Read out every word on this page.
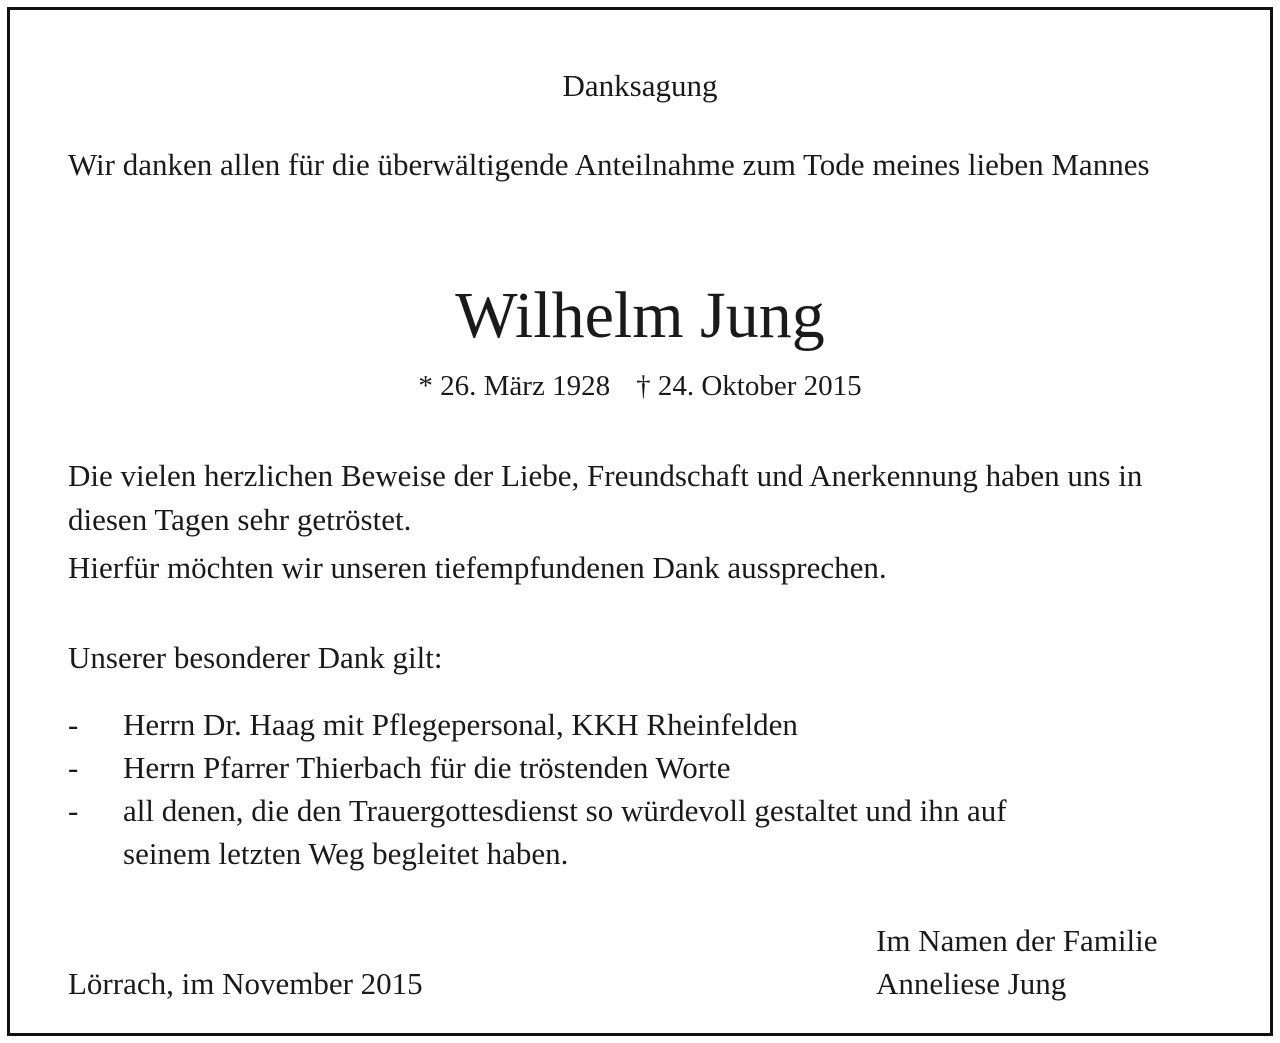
Danksagung

Wir danken allen für die überwältigende Anteilnahme zum Tode meines lieben Mannes

Wilhelm Jung

* 26. März 1928 † 24. Oktober 2015

Die vielen herzlichen Beweise der Liebe, Freundschaft und Anerkennung haben uns in diesen Tagen sehr getröstet.

Hierfür möchten wir unseren tiefempfundenen Dank aussprechen.

Unserer besonderer Dank gilt:

- Herrn Dr. Haag mit Pflegepersonal, KKH Rheinfelden
- Herrn Pfarrer Thierbach für die tröstenden Worte
- all denen, die den Trauergottesdienst so würdevoll gestaltet und ihn auf seinem letzten Weg begleitet haben.

Im Namen der Familie

Lörrach, im November 2015	Anneliese Jung
